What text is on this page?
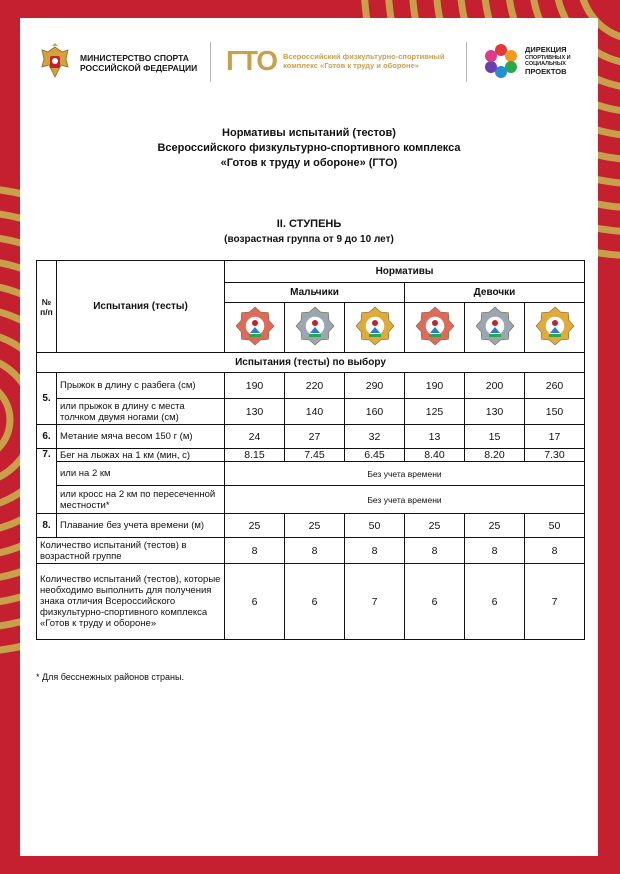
МИНИСТЕРСТВО СПОРТА РОССИЙСКОЙ ФЕДЕРАЦИИ ГТО Всероссийский физкультурно-спортивный комплекс «Готов к труду и обороне»
ДИРЕКЦИЯ
СПОРТИВНЫХ И СОЦИАЛЬНЫХ
ПРОЕКТОВ
Нормативы испытаний (тестов)
Всероссийского физкультурно-спортивного комплекса
«Готов к труду и обороне» (ГТО)
II. СТУПЕНЬ
(возрастная группа от 9 до 10 лет)
№ п/п	Испытания (тесты)	Нормативы					
		Мальчики			Девочки		

Испытания (тесты) по выбору							
5.	Прыжок в длину с разбега (см)	190	220	290	190	200	260
	или прыжок в длину с места толчком двумя ногами (см)	130	140	160	125	130	150
6.	Метание мяча весом 150 г (м)	24	27	32	13	15	17
7.	Бег на лыжах на 1 км (мин, с)	8.15	7.45	6.45	8.40	8.20	7.30
	или на 2 км	Без учета времени					
	или кросс на 2 км по пересеченной местности*	Без учета времени					
8.	Плавание без учета времени (м)	25	25	50	25	25	50
Количество испытаний (тестов) в возрастной группе		8	8	8	8	8	8
Количество испытаний (тестов), которые необходимо выполнить для получения знака отличия Всероссийского физкультурно-спортивного комплекса «Готов к труду и обороне»		6	6	7	6	6	7
* Для бесснежных районов страны.
